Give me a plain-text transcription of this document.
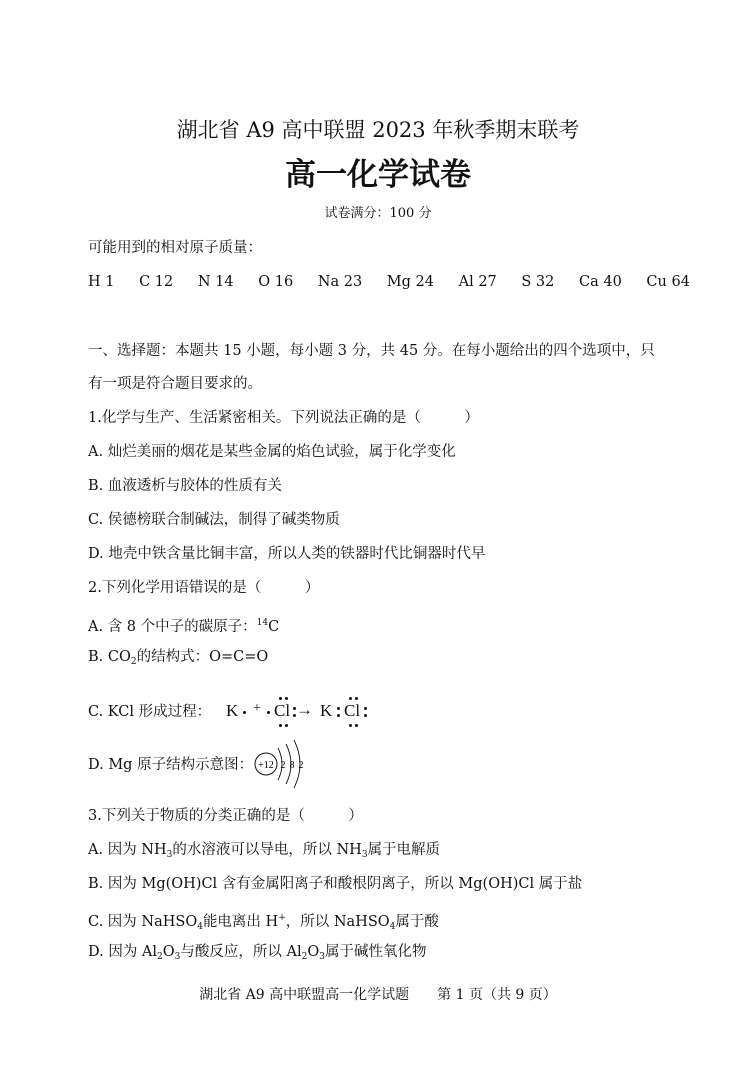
湖北省 A9 高中联盟 2023 年秋季期末联考
高一化学试卷
试卷满分：100 分
可能用到的相对原子质量：
H 1 C 12 N 14 O 16 Na 23 Mg 24 Al 27 S 32 Ca 40 Cu 64
一、选择题：本题共 15 小题，每小题 3 分，共 45 分。在每小题给出的四个选项中，只
有一项是符合题目要求的。
1.化学与生产、生活紧密相关。下列说法正确的是（　　　）
A. 灿烂美丽的烟花是某些金属的焰色试验，属于化学变化
B. 血液透析与胶体的性质有关
C. 侯德榜联合制碱法，制得了碱类物质
D. 地壳中铁含量比铜丰富，所以人类的铁器时代比铜器时代早
2.下列化学用语错误的是（　　　）
A. 含 8 个中子的碳原子：$^{14}$C
B. $CO_2$的结构式：O=C=O
C. KCl 形成过程： K + Cl → K Cl
D. Mg 原子结构示意图： +12 2 8 2
3.下列关于物质的分类正确的是（　　　）
A. 因为 $NH_3$的水溶液可以导电，所以 $NH_3$属于电解质
B. 因为 Mg(OH)Cl 含有金属阳离子和酸根阴离子，所以 Mg(OH)Cl 属于盐
C. 因为 NaHSO$_4$能电离出 H+，所以 NaHSO$_4$属于酸
D. 因为 $Al_2O_3$与酸反应，所以 $Al_2O_3$属于碱性氧化物
湖北省 A9 高中联盟高一化学试题　　第 1 页（共 9 页）
